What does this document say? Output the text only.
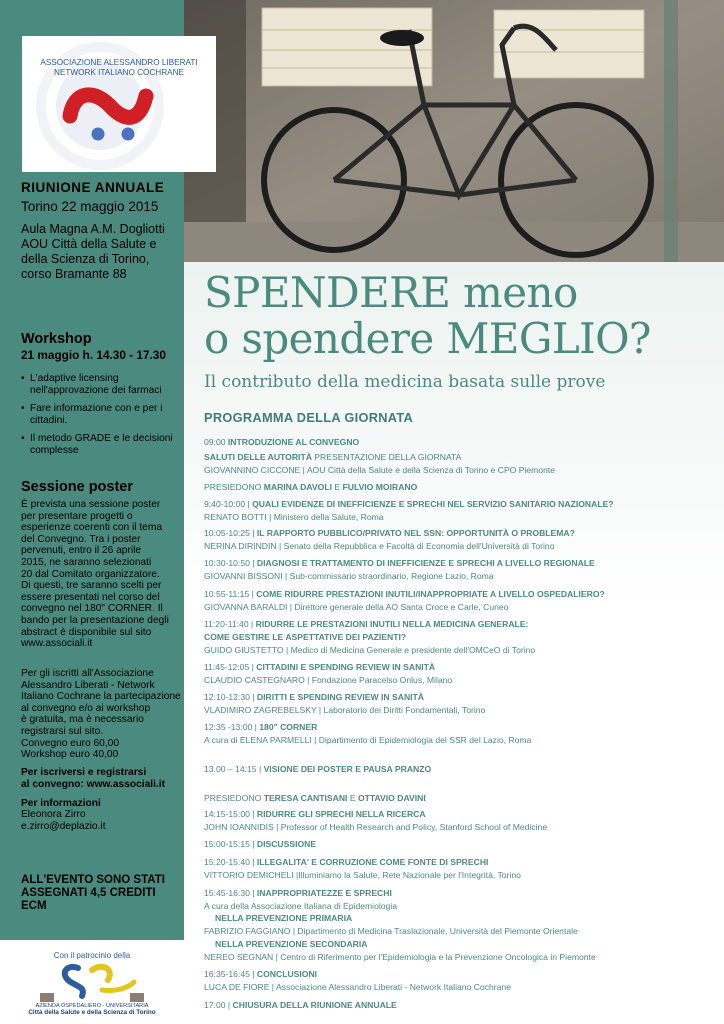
ASSOCIAZIONE ALESSANDRO LIBERATI
NETWORK ITALIANO COCHRANE
RIUNIONE ANNUALE
Torino 22 maggio 2015
Aula Magna A.M. Dogliotti
AOU Città della Salute e
della Scienza di Torino,
corso Bramante 88
Workshop
21 maggio h. 14.30 - 17.30
• L'adaptive licensing
nell'approvazione dei farmaci
• Fare informazione con e per i
cittadini.
• Il metodo GRADE e le decisioni
complesse
Sessione poster
È prevista una sessione poster
per presentare progetti o
esperienze coerenti con il tema
del Convegno. Tra i poster
pervenuti, entro il 26 aprile
2015, ne saranno selezionati
20 dal Comitato organizzatore.
Di questi, tre saranno scelti per
essere presentati nel corso del
convegno nel 180" CORNER. Il
bando per la presentazione degli
abstract è disponibile sul sito
www.associali.it
Per gli iscritti all'Associazione
Alessandro Liberati - Network
Italiano Cochrane la partecipazione
al convegno e/o ai workshop
è gratuita, ma è necessario
registrarsi sul sito.
Convegno euro 60,00
Workshop euro 40,00
Per iscriversi e registrarsi
al convegno: www.associali.it
Per informazioni
Eleonora Zirro
e.zirro@deplazio.it
ALL'EVENTO SONO STATI
ASSEGNATI 4,5 CREDITI ECM
Con il patrocinio della
AZIENDA OSPEDALIERO - UNIVERSITARIA
Città della Salute e della Scienza di Torino
SPENDERE meno
o spendere MEGLIO?
Il contributo della medicina basata sulle prove
PROGRAMMA DELLA GIORNATA
09:00 INTRODUZIONE AL CONVEGNO
SALUTI DELLE AUTORITÀ PRESENTAZIONE DELLA GIORNATA
GIOVANNINO CICCONE | AOU Città della Salute e della Scienza di Torino e CPO Piemonte
PRESIEDONO MARINA DAVOLI E FULVIO MOIRANO
9:40-10:00 | QUALI EVIDENZE DI INEFFICIENZE E SPRECHI NEL SERVIZIO SANITARIO NAZIONALE?
RENATO BOTTI | Ministero della Salute, Roma
10:05-10:25 | IL RAPPORTO PUBBLICO/PRIVATO NEL SSN: OPPORTUNITÀ O PROBLEMA?
NERINA DIRINDIN | Senato della Repubblica e Facoltà di Economia dell'Università di Torino
10:30-10:50 | DIAGNOSI E TRATTAMENTO DI INEFFICIENZE E SPRECHI A LIVELLO REGIONALE
GIOVANNI BISSONI | Sub-commissario straordinario, Regione Lazio, Roma
10:55-11:15 | COME RIDURRE PRESTAZIONI INUTILI/INAPPROPRIATE A LIVELLO OSPEDALIERO?
GIOVANNA BARALDI | Direttore generale della AO Santa Croce e Carle, Cuneo
11:20-11:40 | RIDURRE LE PRESTAZIONI INUTILI NELLA MEDICINA GENERALE:
COME GESTIRE LE ASPETTATIVE DEI PAZIENTI?
GUIDO GIUSTETTO | Medico di Medicina Generale e presidente dell'OMCeO di Torino
11:45-12:05 | CITTADINI E SPENDING REVIEW IN SANITÀ
CLAUDIO CASTEGNARO | Fondazione Paracelso Onlus, Milano
12:10-12:30 | DIRITTI E SPENDING REVIEW IN SANITÀ
VLADIMIRO ZAGREBELSKY | Laboratorio dei Diritti Fondamentali, Torino
12:35 -13:00 | 180" CORNER
A cura di ELENA PARMELLI | Dipartimento di Epidemiologia del SSR del Lazio, Roma
13.00 – 14:15 | VISIONE DEI POSTER E PAUSA PRANZO
PRESIEDONO TERESA CANTISANI E OTTAVIO DAVINI
14:15-15:00 | RIDURRE GLI SPRECHI NELLA RICERCA
JOHN IOANNIDIS | Professor of Health Research and Policy, Stanford School of Medicine
15:00-15:15 | DISCUSSIONE
15:20-15:40 | ILLEGALITA' E CORRUZIONE COME FONTE DI SPRECHI
VITTORIO DEMICHELI |Illuminiamo la Salute, Rete Nazionale per l'Integrità, Torino
15:45-16:30 | INAPPROPRIATEZZE E SPRECHI
A cura della Associazione Italiana di Epidemiologia
NELLA PREVENZIONE PRIMARIA
FABRIZIO FAGGIANO | Dipartimento di Medicina Traslazionale, Università del Piemonte Orientale
NELLA PREVENZIONE SECONDARIA
NEREO SEGNAN | Centro di Riferimento per l'Epidemiologia e la Prevenzione Oncologica in Piemonte
16:35-16:45 | CONCLUSIONI
LUCA DE FIORE | Associazione Alessandro Liberati - Network Italiano Cochrane
17:00 | CHIUSURA DELLA RIUNIONE ANNUALE
